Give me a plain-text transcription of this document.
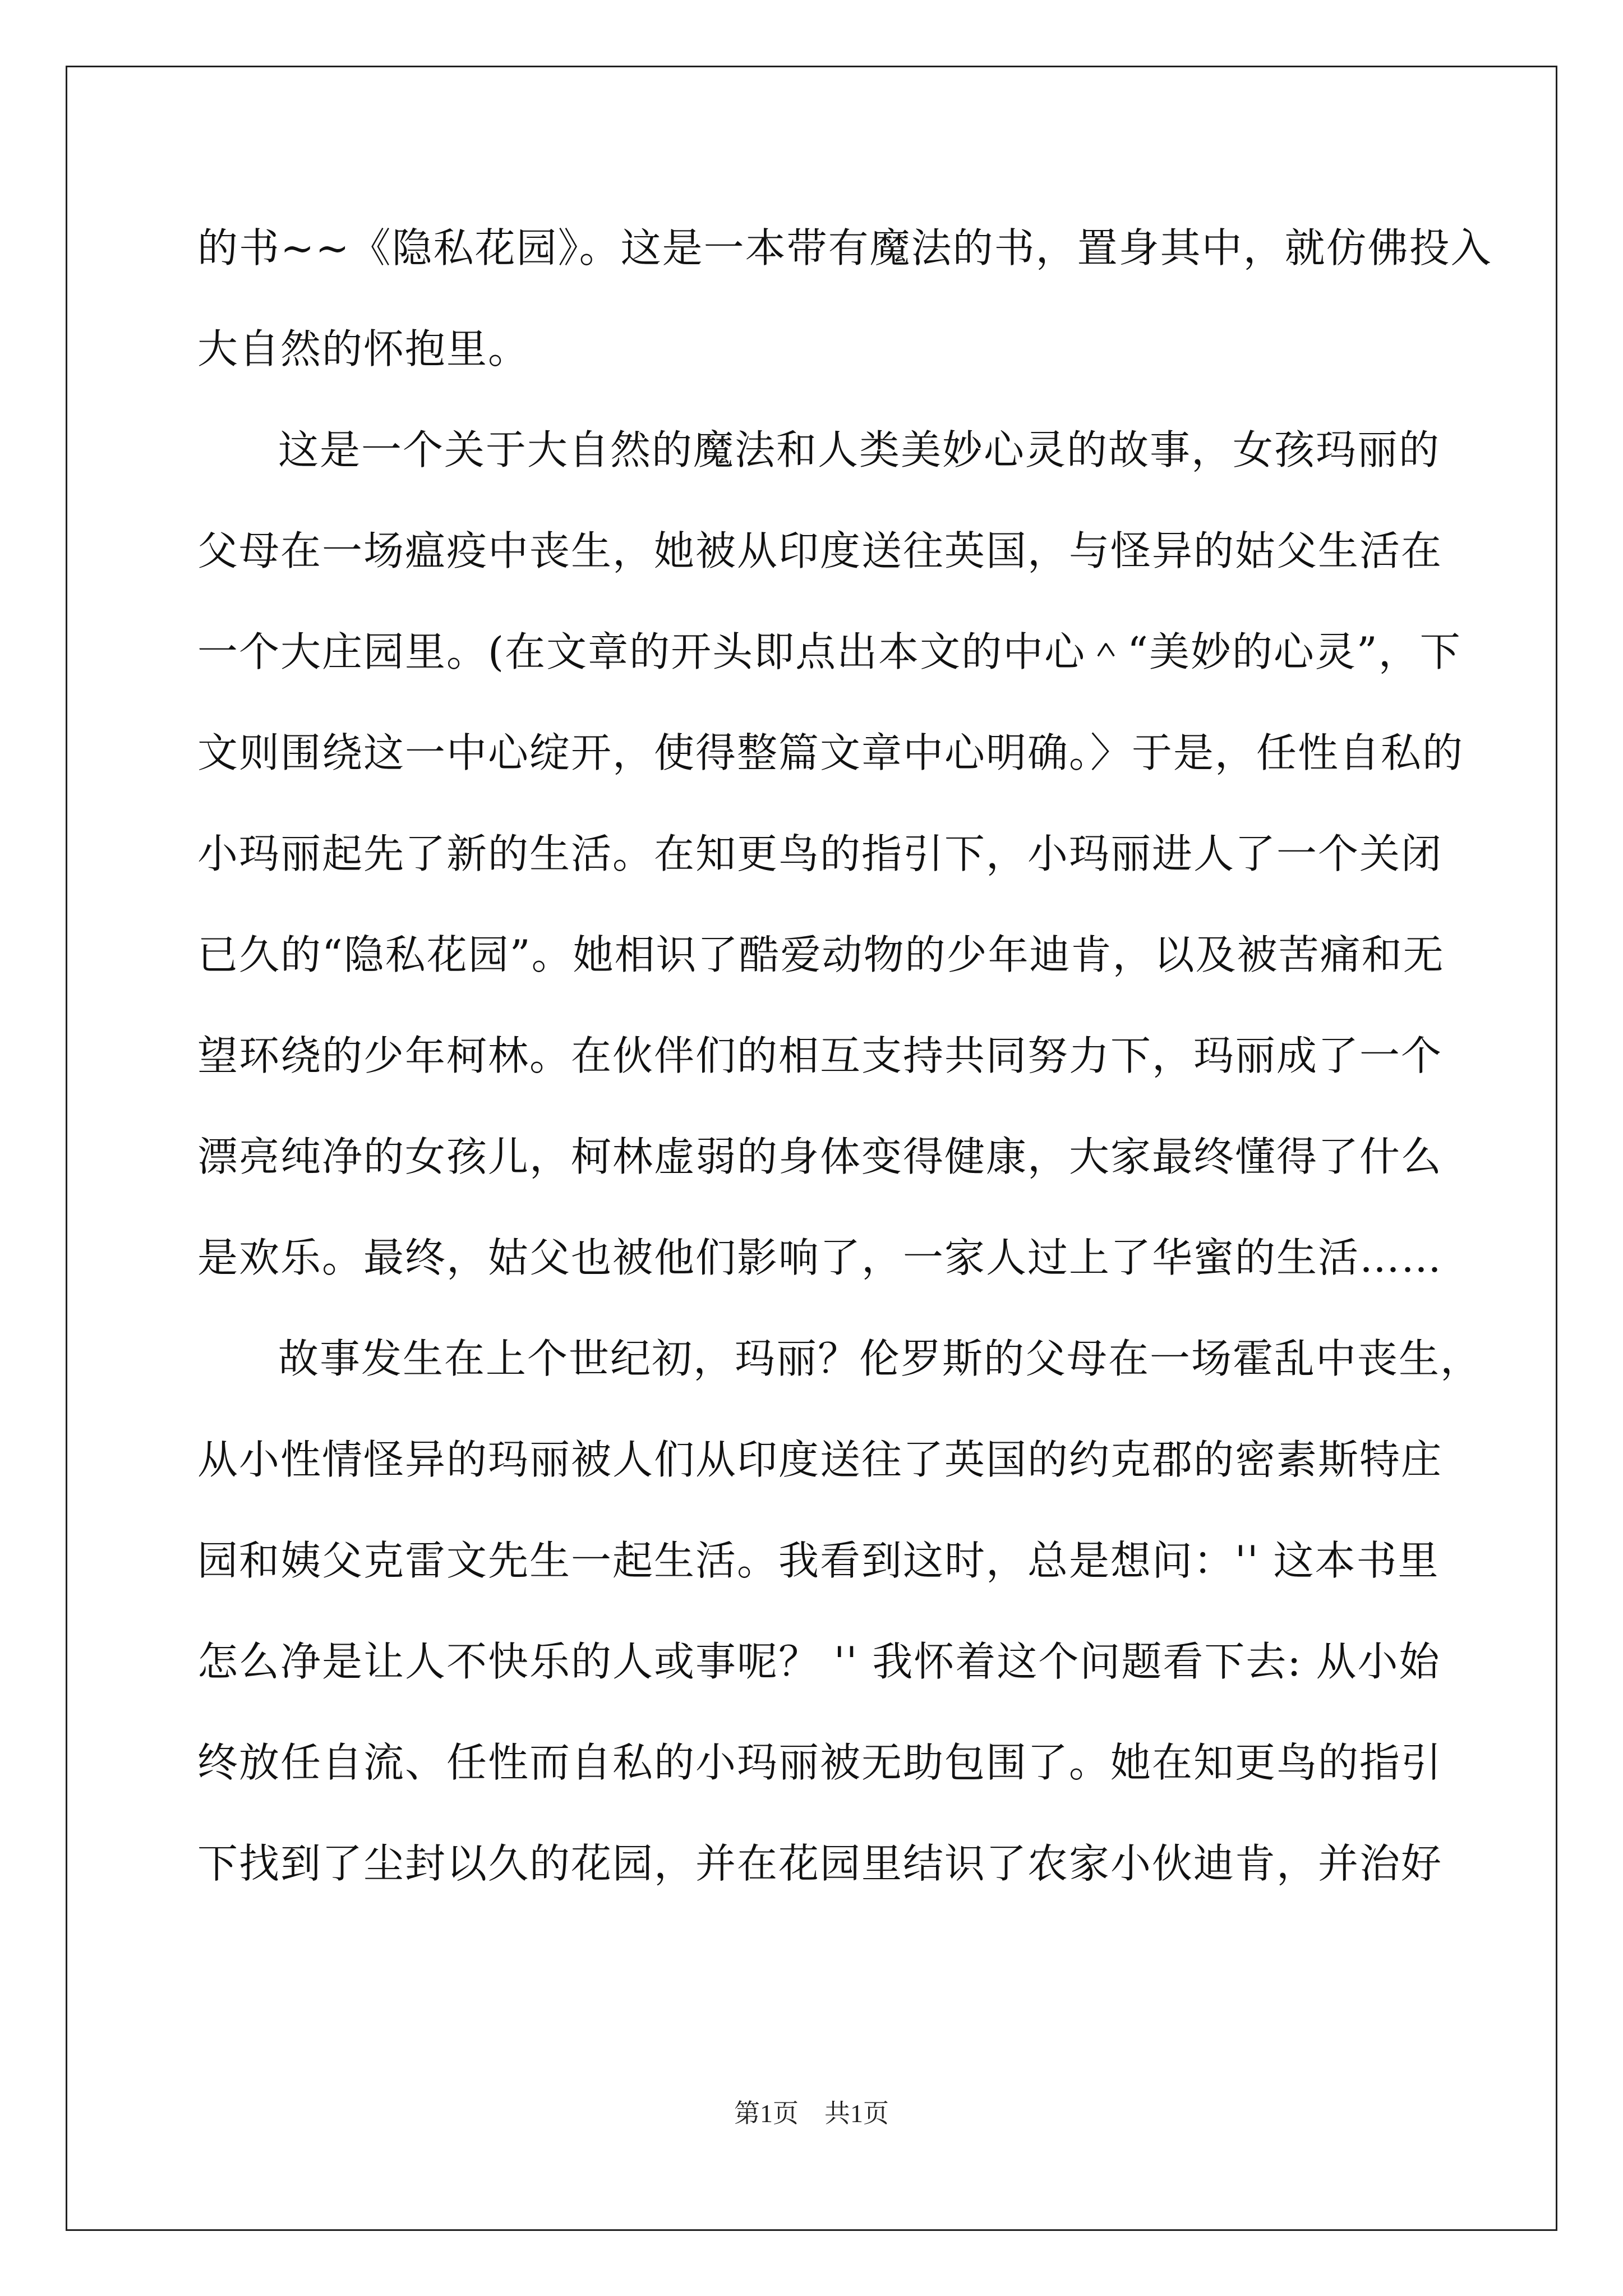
的书~~《隐私花园》。这是一本带有魔法的书，置身其中，就仿佛投入
大自然的怀抱里。
这是一个关于大自然的魔法和人类美妙心灵的故事，女孩玛丽的
父母在一场瘟疫中丧生，她被从印度送往英国，与怪异的姑父生活在
一个大庄园里。(在文章的开头即点出本文的中心＾“美妙的心灵”，下
文则围绕这一中心绽开，使得整篇文章中心明确。〉于是，任性自私的
小玛丽起先了新的生活。在知更鸟的指引下，小玛丽进人了一个关闭
已久的“隐私花园”。她相识了酷爱动物的少年迪肯，以及被苦痛和无
望环绕的少年柯林。在伙伴们的相互支持共同努力下，玛丽成了一个
漂亮纯净的女孩儿，柯林虚弱的身体变得健康，大家最终懂得了什么
是欢乐。最终，姑父也被他们影响了，一家人过上了华蜜的生活……
故事发生在上个世纪初，玛丽？伦罗斯的父母在一场霍乱中丧生，
从小性情怪异的玛丽被人们从印度送往了英国的约克郡的密素斯特庄
园和姨父克雷文先生一起生活。我看到这时，总是想问：'' 这本书里
怎么净是让人不快乐的人或事呢？ '' 我怀着这个问题看下去: 从小始
终放任自流、任性而自私的小玛丽被无助包围了。她在知更鸟的指引
下找到了尘封以久的花园，并在花园里结识了农家小伙迪肯，并治好
第1页　共1页
